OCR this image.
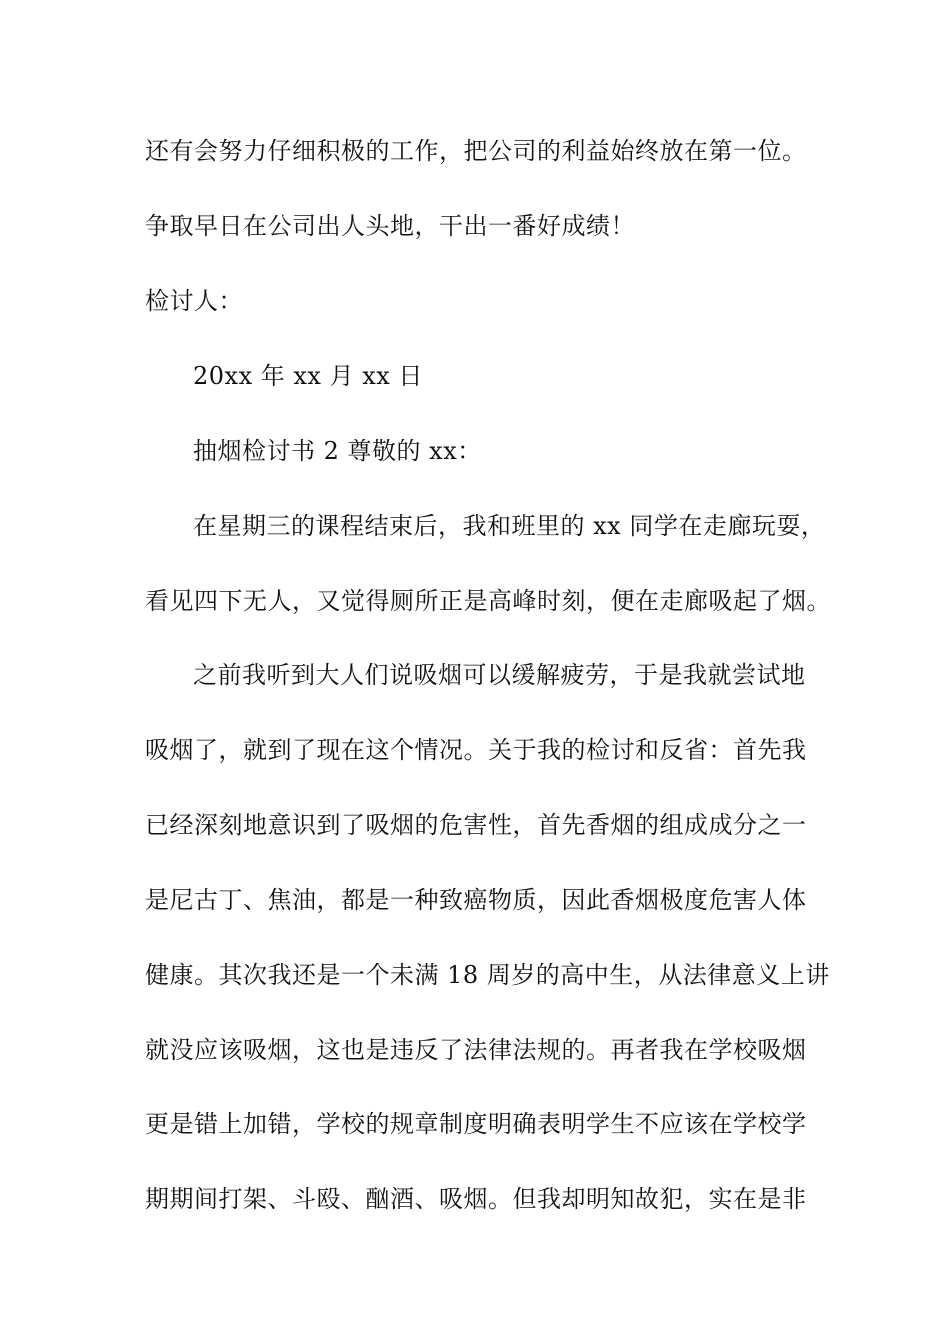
还有会努力仔细积极的工作，把公司的利益始终放在第一位。
争取早日在公司出人头地，干出一番好成绩！
检讨人：
20xx 年 xx 月 xx 日
抽烟检讨书 2 尊敬的 xx：
在星期三的课程结束后，我和班里的 xx 同学在走廊玩耍，
看见四下无人，又觉得厕所正是高峰时刻，便在走廊吸起了烟。
之前我听到大人们说吸烟可以缓解疲劳，于是我就尝试地
吸烟了，就到了现在这个情况。关于我的检讨和反省：首先我
已经深刻地意识到了吸烟的危害性，首先香烟的组成成分之一
是尼古丁、焦油，都是一种致癌物质，因此香烟极度危害人体
健康。其次我还是一个未满 18 周岁的高中生，从法律意义上讲
就没应该吸烟，这也是违反了法律法规的。再者我在学校吸烟
更是错上加错，学校的规章制度明确表明学生不应该在学校学
期期间打架、斗殴、酗酒、吸烟。但我却明知故犯，实在是非
